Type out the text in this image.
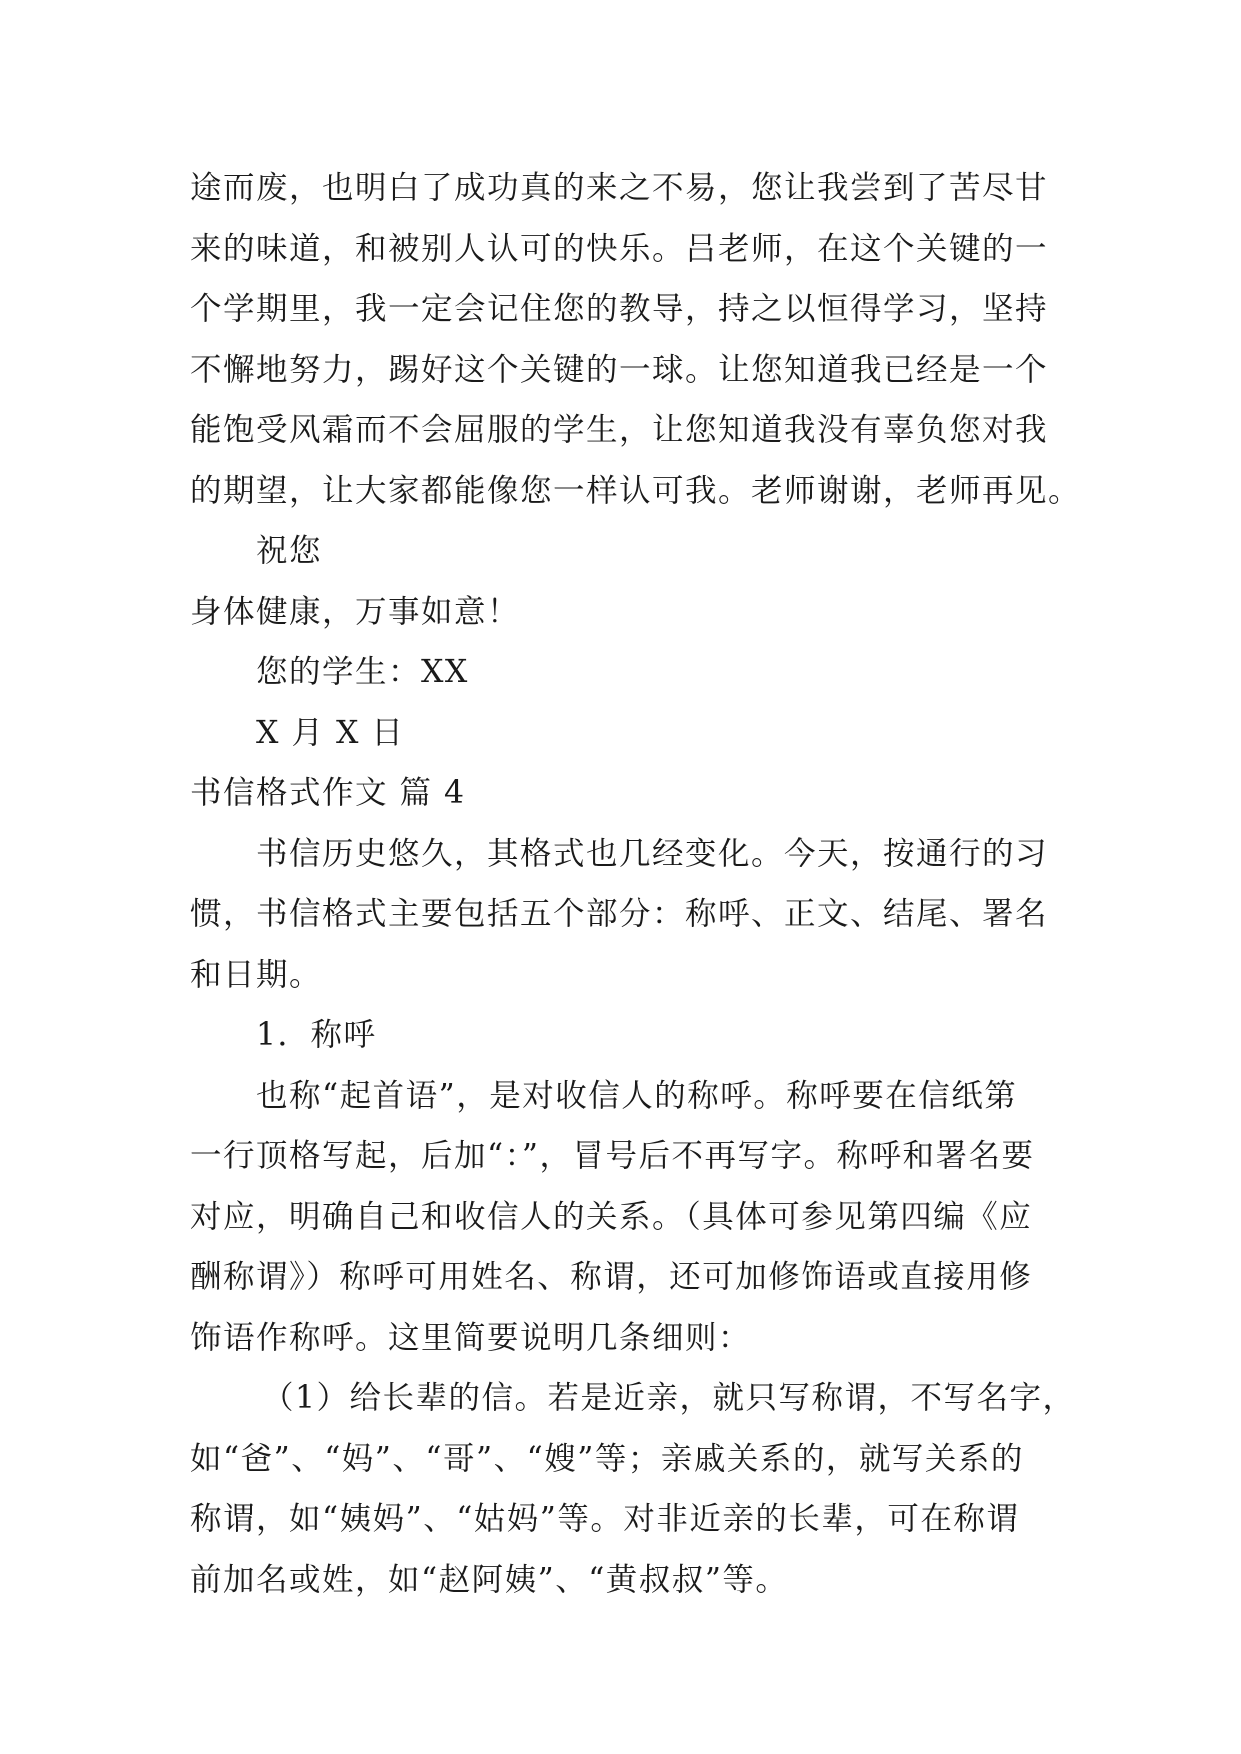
途而废，也明白了成功真的来之不易，您让我尝到了苦尽甘
来的味道，和被别人认可的快乐。吕老师，在这个关键的一
个学期里，我一定会记住您的教导，持之以恒得学习，坚持
不懈地努力，踢好这个关键的一球。让您知道我已经是一个
能饱受风霜而不会屈服的学生，让您知道我没有辜负您对我
的期望，让大家都能像您一样认可我。老师谢谢，老师再见。
祝您
身体健康，万事如意！
您的学生：XX
X 月 X 日
书信格式作文 篇 4
书信历史悠久，其格式也几经变化。今天，按通行的习
惯，书信格式主要包括五个部分：称呼、正文、结尾、署名
和日期。
1．称呼
也称“起首语”，是对收信人的称呼。称呼要在信纸第
一行顶格写起，后加“：”，冒号后不再写字。称呼和署名要
对应，明确自己和收信人的关系。（具体可参见第四编《应
酬称谓》）称呼可用姓名、称谓，还可加修饰语或直接用修
饰语作称呼。这里简要说明几条细则：
（1）给长辈的信。若是近亲，就只写称谓，不写名字，
如“爸”、“妈”、“哥”、“嫂”等；亲戚关系的，就写关系的
称谓，如“姨妈”、“姑妈”等。对非近亲的长辈，可在称谓
前加名或姓，如“赵阿姨”、“黄叔叔”等。
